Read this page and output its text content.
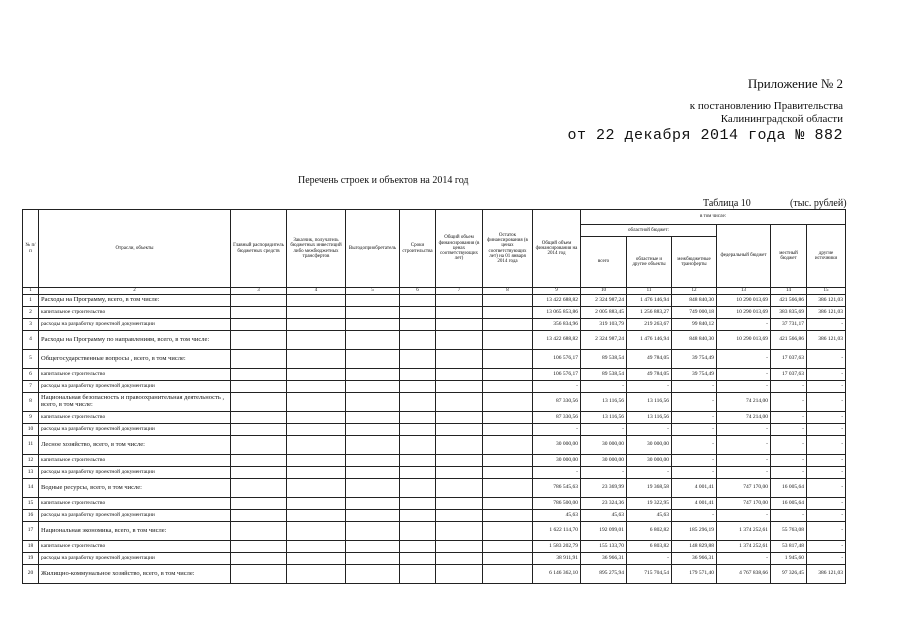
Приложение № 2
к постановлению Правительства
Калининградской области
от 22 декабря 2014 года № 882
Перечень строек и объектов на 2014 год
Таблица 10	(тыс. рублей)
№ п/п	Отрасли, объекты	Главный распорядитель бюджетных средств	Заказчик, получатель бюджетных инвестиций либо межбюджетных трансфертов	Выгодоприобретатель	Сроки строительства	Общий объем финансирования (в ценах соответствующих лет)	Остаток финансирования (в ценах соответствующих лет) на 01 января 2014 года	Общий объем финансирования на 2014 год	в том числе:					
									областной бюджет:			федеральный бюджет	местный бюджет	другие источники
									всего	областные и другие объекты	межбюджетные трансферты			
1	2	3	4	5	6	7	8	9	10	11	12	13	14	15
1	Расходы на Программу, всего, в том числе:							13 422 688,82	2 324 987,24	1 476 146,94	848 840,30	10 290 013,69	421 566,86	386 121,03
2	капитальное строительство							13 065 853,86	2 005 883,45	1 256 883,27	749 000,18	10 290 013,69	383 835,69	386 121,03
3	расходы на разработку проектной документации							356 834,96	319 103,79	219 263,67	99 840,12	-	37 731,17	-
4	Расходы на Программу по направлениям, всего, в том числе:							13 422 688,82	2 324 987,24	1 476 146,94	848 840,30	10 290 013,69	421 566,86	386 121,03
5	Общегосударственные вопросы , всего, в том числе:							106 576,17	89 538,54	49 784,05	39 754,49	-	17 037,63	-
6	капитальное строительство							106 576,17	89 538,54	49 784,05	39 754,49	-	17 037,63	-
7	расходы на разработку проектной документации							-	-	-	-	-	-	-
8	Национальная безопасность и правоохранительная деятельность , всего, в том числе:							87 330,56	13 116,56	13 116,56	-	74 214,00	-	-
9	капитальное строительство							87 330,56	13 116,56	13 116,56	-	74 214,00	-	-
10	расходы на разработку проектной документации							-	-	-	-	-	-	-
11	Лесное хозяйство, всего, в том числе:							30 000,00	30 000,00	30 000,00	-	-	-	-
12	капитальное строительство							30 000,00	30 000,00	30 000,00	-	-	-	-
13	расходы на разработку проектной документации							-	-	-	-	-	-	-
14	Водные ресурсы, всего, в том числе:							786 545,63	23 369,99	19 368,58	4 001,41	747 170,00	16 005,64	-
15	капитальное строительство							786 500,00	23 324,36	19 322,95	4 001,41	747 170,00	16 005,64	-
16	расходы на разработку проектной документации							45,63	45,63	45,63	-	-	-	-
17	Национальная экономика, всего, в том числе:							1 622 114,70	192 099,01	6 802,82	185 296,19	1 374 252,61	55 763,08	-
18	капитальное строительство							1 583 202,79	155 133,70	6 803,82	148 829,88	1 374 252,61	53 817,48	-
19	расходы на разработку проектной документации							38 911,91	36 966,31	-	36 966,31	-	1 945,60	-
20	Жилищно-коммунальное хозяйство, всего, в том числе:							6 146 362,10	895 275,94	715 704,54	179 571,40	4 767 838,66	97 326,45	386 121,03
